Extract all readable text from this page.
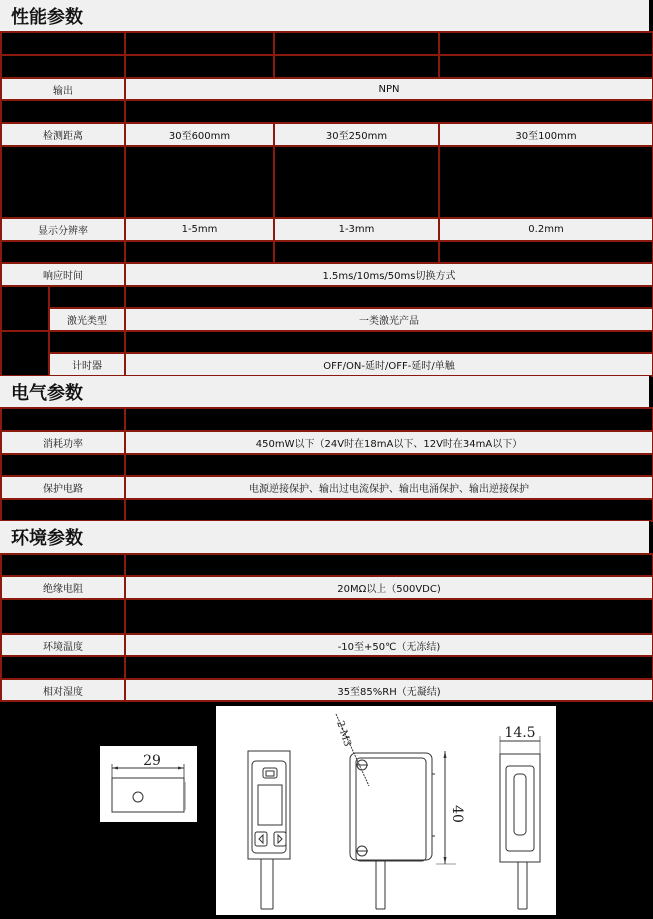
性能参数

输出		NPN		

检测距离		30至600mm	30至250mm	30至100mm

显示分辨率		1-5mm	1-3mm	0.2mm

响应时间		1.5ms/10ms/50ms切换方式		

	激光类型	一类激光产品		

	计时器	OFF/ON-延时/OFF-延时/单触		
电气参数

消耗功率	450mW以下（24V时在18mA以下、12V时在34mA以下）

保护电路	电源逆接保护、输出过电流保护、输出电涌保护、输出逆接保护

环境参数

绝缘电阻	20MΩ以上（500VDC)

环境温度	-10至+50℃（无冻结)

相对湿度	35至85%RH（无凝结)
29
2-M3
40
14.5
